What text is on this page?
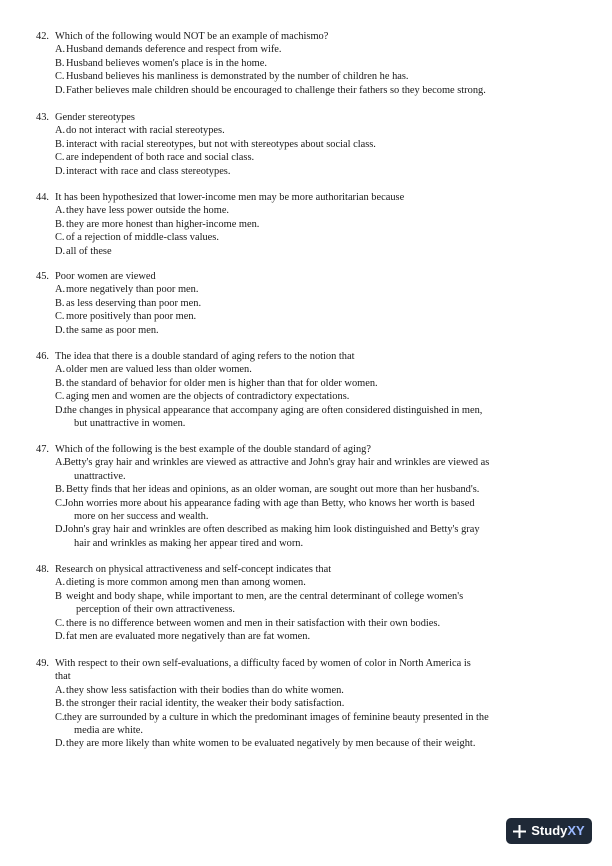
42. Which of the following would NOT be an example of machismo?
A. Husband demands deference and respect from wife.
B. Husband believes women's place is in the home.
C. Husband believes his manliness is demonstrated by the number of children he has.
D. Father believes male children should be encouraged to challenge their fathers so they become strong.
43. Gender stereotypes
A. do not interact with racial stereotypes.
B. interact with racial stereotypes, but not with stereotypes about social class.
C. are independent of both race and social class.
D. interact with race and class stereotypes.
44. It has been hypothesized that lower-income men may be more authoritarian because
A. they have less power outside the home.
B. they are more honest than higher-income men.
C. of a rejection of middle-class values.
D. all of these
45. Poor women are viewed
A. more negatively than poor men.
B. as less deserving than poor men.
C. more positively than poor men.
D. the same as poor men.
46. The idea that there is a double standard of aging refers to the notion that
A. older men are valued less than older women.
B. the standard of behavior for older men is higher than that for older women.
C. aging men and women are the objects of contradictory expectations.
D.
the changes in physical appearance that accompany aging are often considered distinguished in men,
but unattractive in women.
47. Which of the following is the best example of the double standard of aging?
A.
Betty's gray hair and wrinkles are viewed as attractive and John's gray hair and wrinkles are viewed as
unattractive.
B. Betty finds that her ideas and opinions, as an older woman, are sought out more than her husband's.
C. John worries more about his appearance fading with age than Betty, who knows her worth is based
more on her success and wealth.
D.
John's gray hair and wrinkles are often described as making him look distinguished and Betty's gray
hair and wrinkles as making her appear tired and worn.
48. Research on physical attractiveness and self-concept indicates that
A. dieting is more common among men than among women.
B weight and body shape, while important to men, are the central determinant of college women's
perception of their own attractiveness.
C. there is no difference between women and men in their satisfaction with their own bodies.
D. fat men are evaluated more negatively than are fat women.
49. With respect to their own self-evaluations, a difficulty faced by women of color in North America is
that
A. they show less satisfaction with their bodies than do white women.
B. the stronger their racial identity, the weaker their body satisfaction.
C. they are surrounded by a culture in which the predominant images of feminine beauty presented in the
media are white.
D. they are more likely than white women to be evaluated negatively by men because of their weight.
Study XY
